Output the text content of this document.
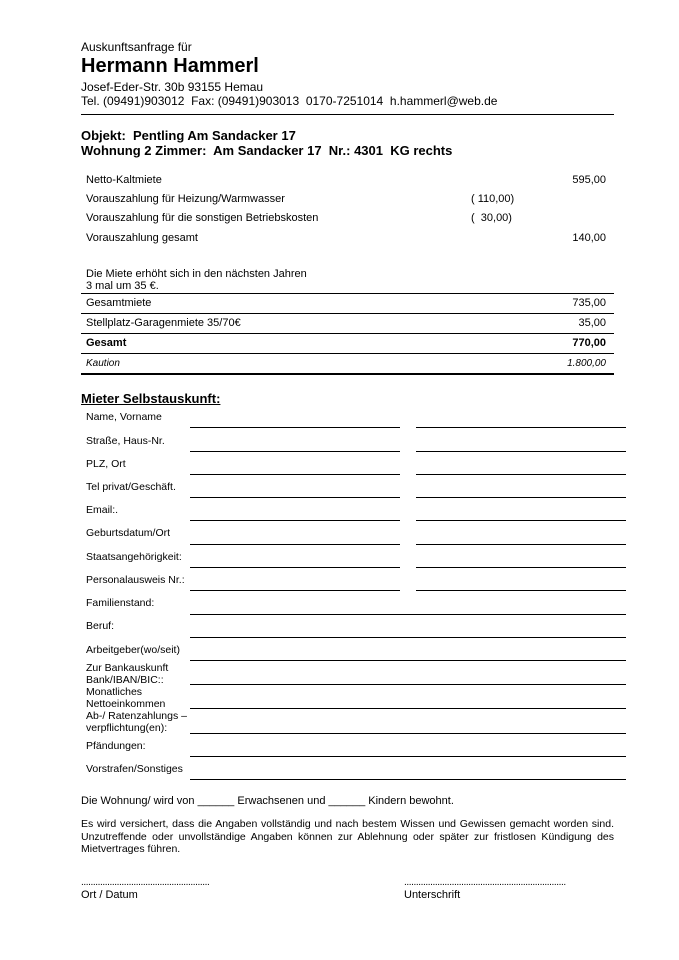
Auskunftsanfrage für
Hermann Hammerl
Josef-Eder-Str. 30b 93155 Hemau
Tel. (09491)903012  Fax: (09491)903013  0170-7251014  h.hammerl@web.de
Objekt:  Pentling Am Sandacker 17
Wohnung 2 Zimmer:  Am Sandacker 17  Nr.: 4301  KG rechts
Netto-Kaltmiete	595,00
Vorauszahlung für Heizung/Warmwasser	( 110,00)
Vorauszahlung für die sonstigen Betriebskosten	(  30,00)
Vorauszahlung gesamt	140,00
Die Miete erhöht sich in den nächsten Jahren
3 mal um 35 €.
Gesamtmiete	735,00
Stellplatz-Garagenmiete 35/70€	35,00
Gesamt	770,00
Kaution	1.800,00
Mieter Selbstauskunft:
Name, Vorname
Straße, Haus-Nr.
PLZ, Ort
Tel privat/Geschäft.
Email:.
Geburtsdatum/Ort
Staatsangehörigkeit:
Personalausweis Nr.:
Familienstand:
Beruf:
Arbeitgeber(wo/seit)
Zur Bankauskunft Bank/IBAN/BIC::
Monatliches Nettoeinkommen
Ab-/ Ratenzahlungs – verpflichtung(en):
Pfändungen:
Vorstrafen/Sonstiges
Die Wohnung/ wird von ______ Erwachsenen und ______ Kindern bewohnt.
Es wird versichert, dass die Angaben vollständig und nach bestem Wissen und Gewissen gemacht worden sind. Unzutreffende oder unvollständige Angaben können zur Ablehnung oder später zur fristlosen Kündigung des Mietvertrages führen.
......................................................	....................................................................
Ort / Datum	Unterschrift
